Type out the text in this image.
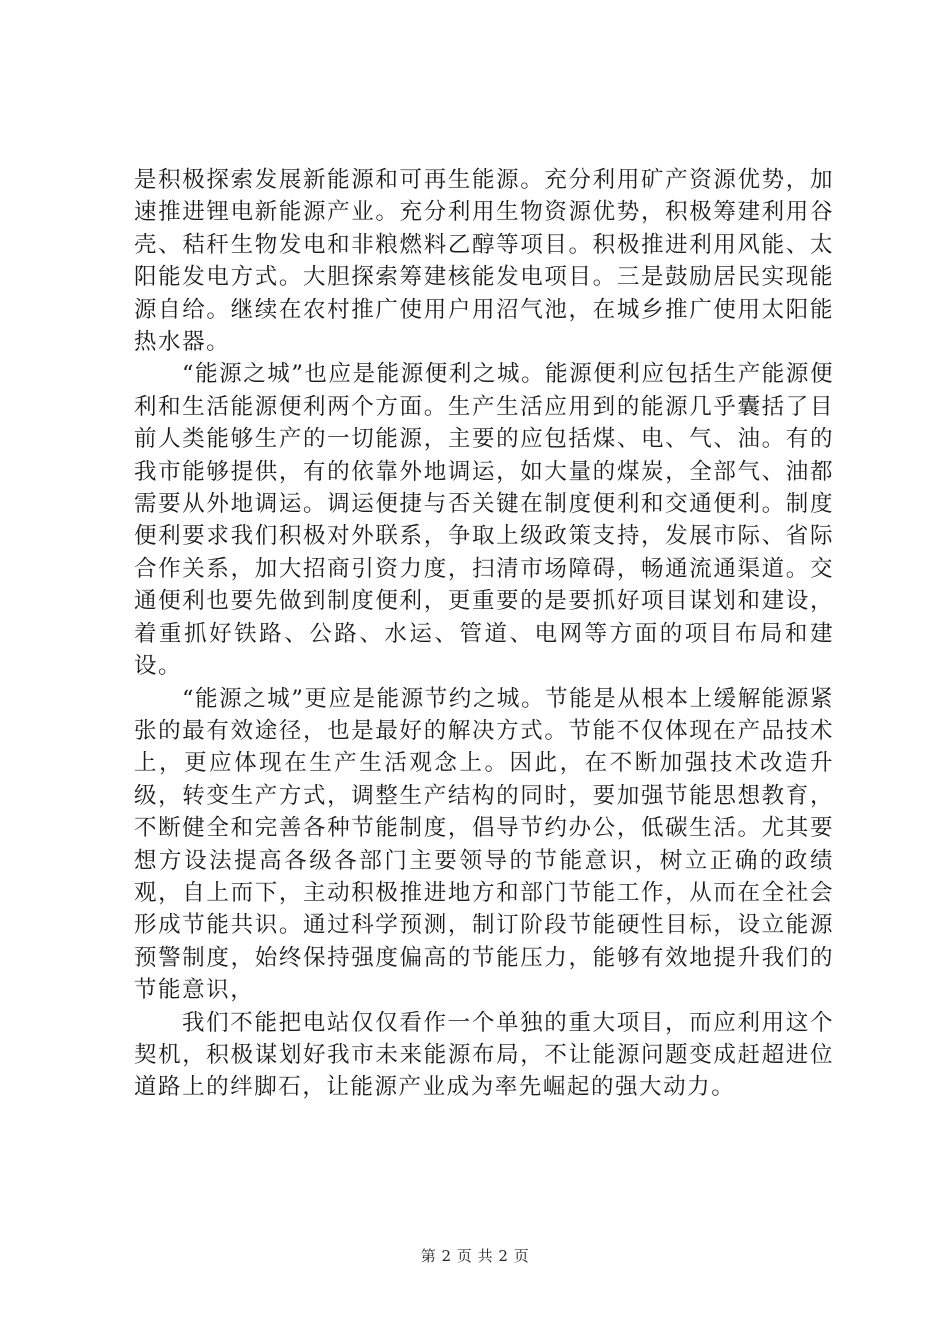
是积极探索发展新能源和可再生能源。充分利用矿产资源优势，加速推进锂电新能源产业。充分利用生物资源优势，积极筹建利用谷壳、秸秆生物发电和非粮燃料乙醇等项目。积极推进利用风能、太阳能发电方式。大胆探索筹建核能发电项目。三是鼓励居民实现能源自给。继续在农村推广使用户用沼气池，在城乡推广使用太阳能热水器。

“能源之城”也应是能源便利之城。能源便利应包括生产能源便利和生活能源便利两个方面。生产生活应用到的能源几乎囊括了目前人类能够生产的一切能源，主要的应包括煤、电、气、油。有的我市能够提供，有的依靠外地调运，如大量的煤炭，全部气、油都需要从外地调运。调运便捷与否关键在制度便利和交通便利。制度便利要求我们积极对外联系，争取上级政策支持，发展市际、省际合作关系，加大招商引资力度，扫清市场障碍，畅通流通渠道。交通便利也要先做到制度便利，更重要的是要抓好项目谋划和建设，着重抓好铁路、公路、水运、管道、电网等方面的项目布局和建设。

“能源之城”更应是能源节约之城。节能是从根本上缓解能源紧张的最有效途径，也是最好的解决方式。节能不仅体现在产品技术上，更应体现在生产生活观念上。因此，在不断加强技术改造升级，转变生产方式，调整生产结构的同时，要加强节能思想教育，不断健全和完善各种节能制度，倡导节约办公，低碳生活。尤其要想方设法提高各级各部门主要领导的节能意识，树立正确的政绩观，自上而下，主动积极推进地方和部门节能工作，从而在全社会形成节能共识。通过科学预测，制订阶段节能硬性目标，设立能源预警制度，始终保持强度偏高的节能压力，能够有效地提升我们的节能意识，

我们不能把电站仅仅看作一个单独的重大项目，而应利用这个契机，积极谋划好我市未来能源布局，不让能源问题变成赶超进位道路上的绊脚石，让能源产业成为率先崛起的强大动力。

第 2 页 共 2 页
